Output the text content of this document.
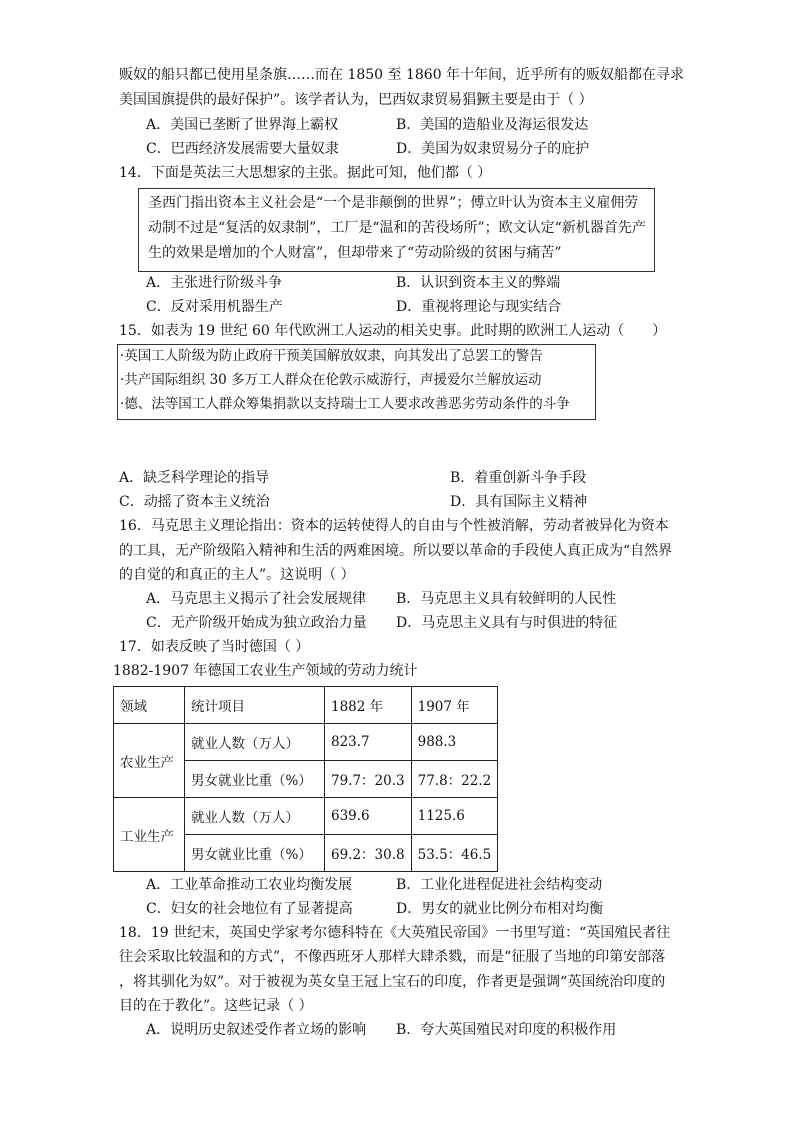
贩奴的船只都已使用星条旗……而在 1850 至 1860 年十年间，近乎所有的贩奴船都在寻求
美国国旗提供的最好保护”。该学者认为，巴西奴隶贸易猖獗主要是由于（ ）
A．美国已垄断了世界海上霸权	B．美国的造船业及海运很发达
C．巴西经济发展需要大量奴隶	D．美国为奴隶贸易分子的庇护
14．下面是英法三大思想家的主张。据此可知，他们都（ ）
圣西门指出资本主义社会是“一个是非颠倒的世界”；傅立叶认为资本主义雇佣劳
动制不过是“复活的奴隶制”，工厂是“温和的苦役场所”；欧文认定“新机器首先产
生的效果是增加的个人财富”，但却带来了“劳动阶级的贫困与痛苦”
A．主张进行阶级斗争	B．认识到资本主义的弊端
C．反对采用机器生产	D．重视将理论与现实结合
15．如表为 19 世纪 60 年代欧洲工人运动的相关史事。此时期的欧洲工人运动（　　）
·英国工人阶级为防止政府干预美国解放奴隶，向其发出了总罢工的警告
·共产国际组织 30 多万工人群众在伦敦示威游行，声援爱尔兰解放运动
·德、法等国工人群众筹集捐款以支持瑞士工人要求改善恶劣劳动条件的斗争
A．缺乏科学理论的指导	B．着重创新斗争手段
C．动摇了资本主义统治	D．具有国际主义精神
16．马克思主义理论指出：资本的运转使得人的自由与个性被消解，劳动者被异化为资本
的工具，无产阶级陷入精神和生活的两难困境。所以要以革命的手段使人真正成为“自然界
的自觉的和真正的主人”。这说明（ ）
A．马克思主义揭示了社会发展规律 B．马克思主义具有较鲜明的人民性
C．无产阶级开始成为独立政治力量 D．马克思主义具有与时俱进的特征
17．如表反映了当时德国（ ）
1882-1907 年德国工农业生产领域的劳动力统计
领域	统计项目	1882 年	1907 年
农业生产	就业人数（万人）	823.7	988.3
	男女就业比重（%）	79.7：20.3	77.8：22.2
工业生产	就业人数（万人）	639.6	1125.6
	男女就业比重（%）	69.2：30.8	53.5：46.5
A．工业革命推动工农业均衡发展	B．工业化进程促进社会结构变动
C．妇女的社会地位有了显著提高	D．男女的就业比例分布相对均衡
18．19 世纪末，英国史学家考尔德科特在《大英殖民帝国》一书里写道：“英国殖民者往
往会采取比较温和的方式”，不像西班牙人那样大肆杀戮，而是“征服了当地的印第安部落
，将其驯化为奴”。对于被视为英女皇王冠上宝石的印度，作者更是强调“英国统治印度的
目的在于教化”。这些记录（ ）
A．说明历史叙述受作者立场的影响 B．夸大英国殖民对印度的积极作用
